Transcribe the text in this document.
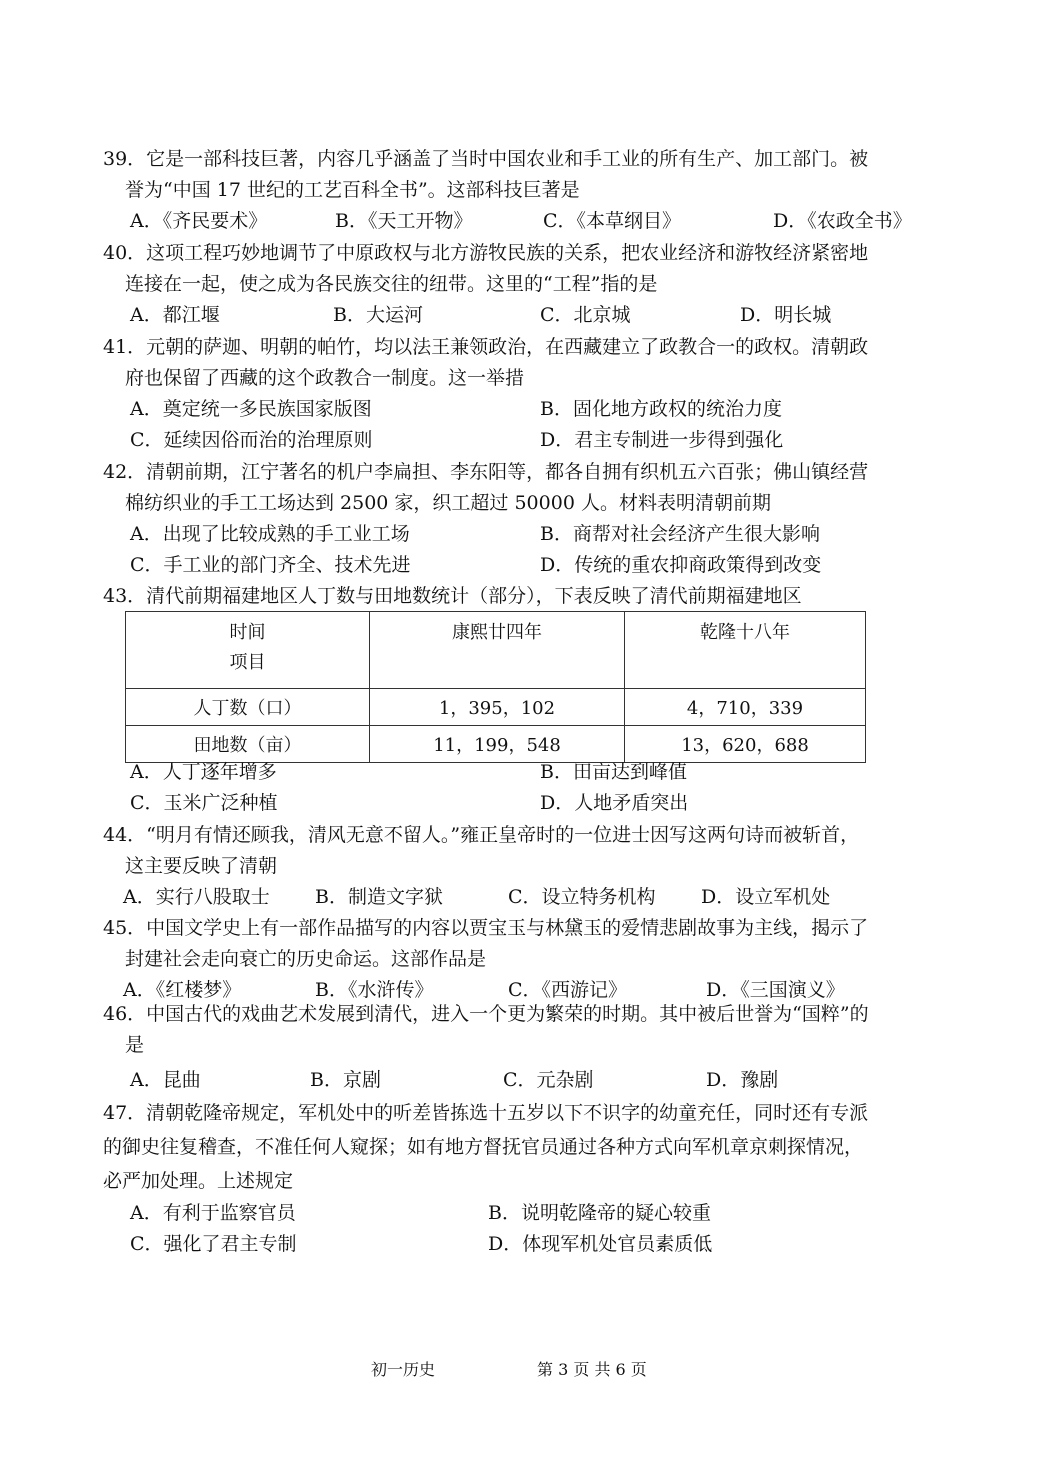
39．它是一部科技巨著，内容几乎涵盖了当时中国农业和手工业的所有生产、加工部门。被
誉为“中国 17 世纪的工艺百科全书”。这部科技巨著是

A．《齐民要术》	B．《天工开物》	C．《本草纲目》	D．《农政全书》

40．这项工程巧妙地调节了中原政权与北方游牧民族的关系，把农业经济和游牧经济紧密地
连接在一起，使之成为各民族交往的纽带。这里的“工程”指的是

A．都江堰	B．大运河	C．北京城	D．明长城

41．元朝的萨迦、明朝的帕竹，均以法王兼领政治，在西藏建立了政教合一的政权。清朝政
府也保留了西藏的这个政教合一制度。这一举措

A．奠定统一多民族国家版图	B．固化地方政权的统治力度
C．延续因俗而治的治理原则	D．君主专制进一步得到强化

42．清朝前期，江宁著名的机户李扁担、李东阳等，都各自拥有织机五六百张；佛山镇经营
棉纺织业的手工工场达到 2500 家，织工超过 50000 人。材料表明清朝前期

A．出现了比较成熟的手工业工场	B．商帮对社会经济产生很大影响
C．手工业的部门齐全、技术先进	D．传统的重农抑商政策得到改变

43．清代前期福建地区人丁数与田地数统计（部分），下表反映了清代前期福建地区

时间
项目	康熙廿四年	乾隆十八年
人丁数（口）	1，395，102	4，710，339
田地数（亩）	11，199，548	13，620，688
A．人丁逐年增多	B．田亩达到峰值
C．玉米广泛种植	D．人地矛盾突出

44．“明月有情还顾我，清风无意不留人。”雍正皇帝时的一位进士因写这两句诗而被斩首，
这主要反映了清朝

A．实行八股取士 B．制造文字狱	C．设立特务机构 D．设立军机处

45．中国文学史上有一部作品描写的内容以贾宝玉与林黛玉的爱情悲剧故事为主线，揭示了
封建社会走向衰亡的历史命运。这部作品是

A．《红楼梦》	B．《水浒传》	C．《西游记》	D．《三国演义》

46．中国古代的戏曲艺术发展到清代，进入一个更为繁荣的时期。其中被后世誉为“国粹”的
是

A．昆曲	B．京剧	C．元杂剧	D．豫剧

47．清朝乾隆帝规定，军机处中的听差皆拣选十五岁以下不识字的幼童充任，同时还有专派
的御史往复稽查，不准任何人窥探；如有地方督抚官员通过各种方式向军机章京刺探情况，
必严加处理。上述规定

A．有利于监察官员	B．说明乾隆帝的疑心较重
C．强化了君主专制	D．体现军机处官员素质低
初一历史	第 3 页 共 6 页
